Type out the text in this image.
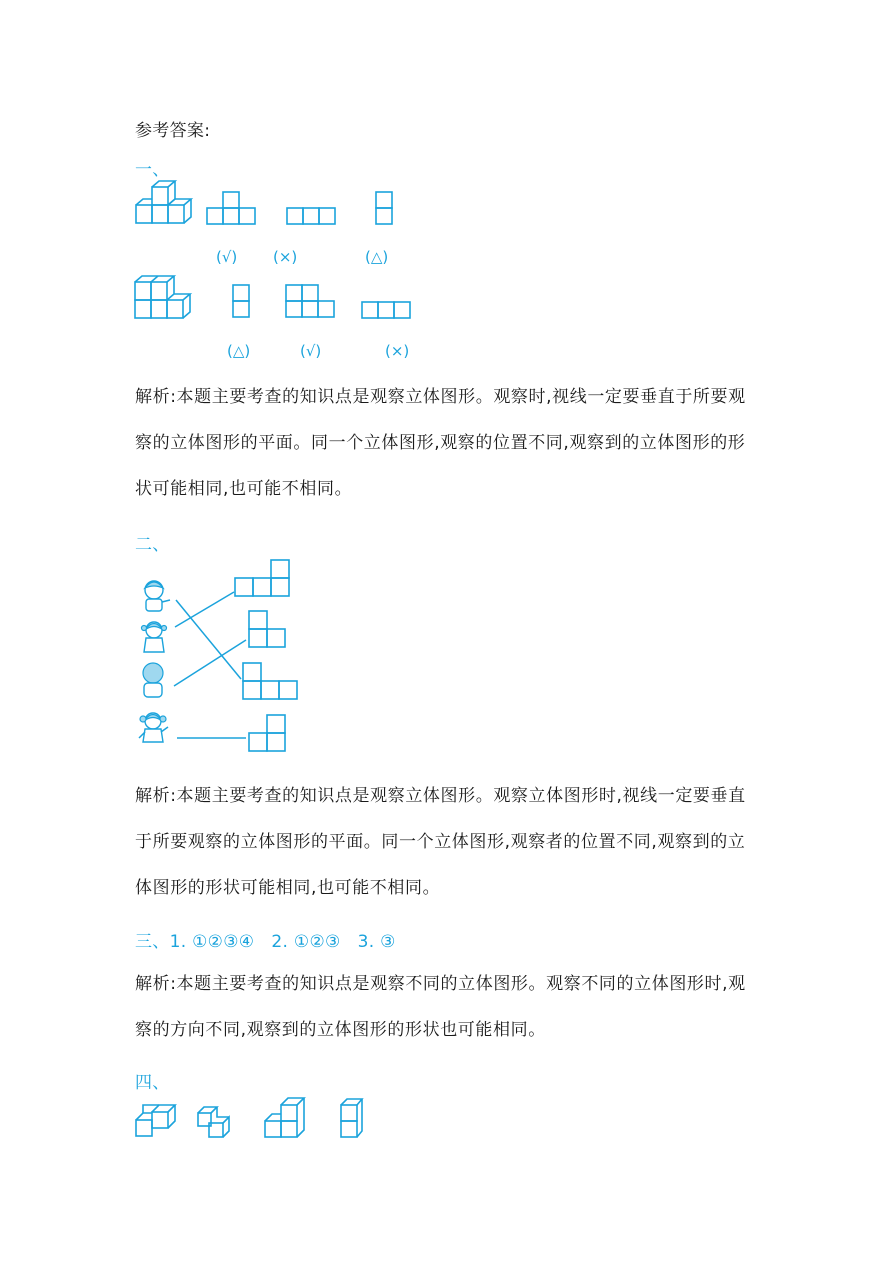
参考答案:
一、
(√) (×)	(△)
(△)	(√)	(×)
解析:本题主要考查的知识点是观察立体图形。观察时,视线一定要垂直于所要观察的立体图形的平面。同一个立体图形,观察的位置不同,观察到的立体图形的形状可能相同,也可能不相同。
二、
解析:本题主要考查的知识点是观察立体图形。观察立体图形时,视线一定要垂直于所要观察的立体图形的平面。同一个立体图形,观察者的位置不同,观察到的立体图形的形状可能相同,也可能不相同。
三、1. ①②③④   2. ①②③   3. ③
解析:本题主要考查的知识点是观察不同的立体图形。观察不同的立体图形时,观察的方向不同,观察到的立体图形的形状也可能相同。
四、
